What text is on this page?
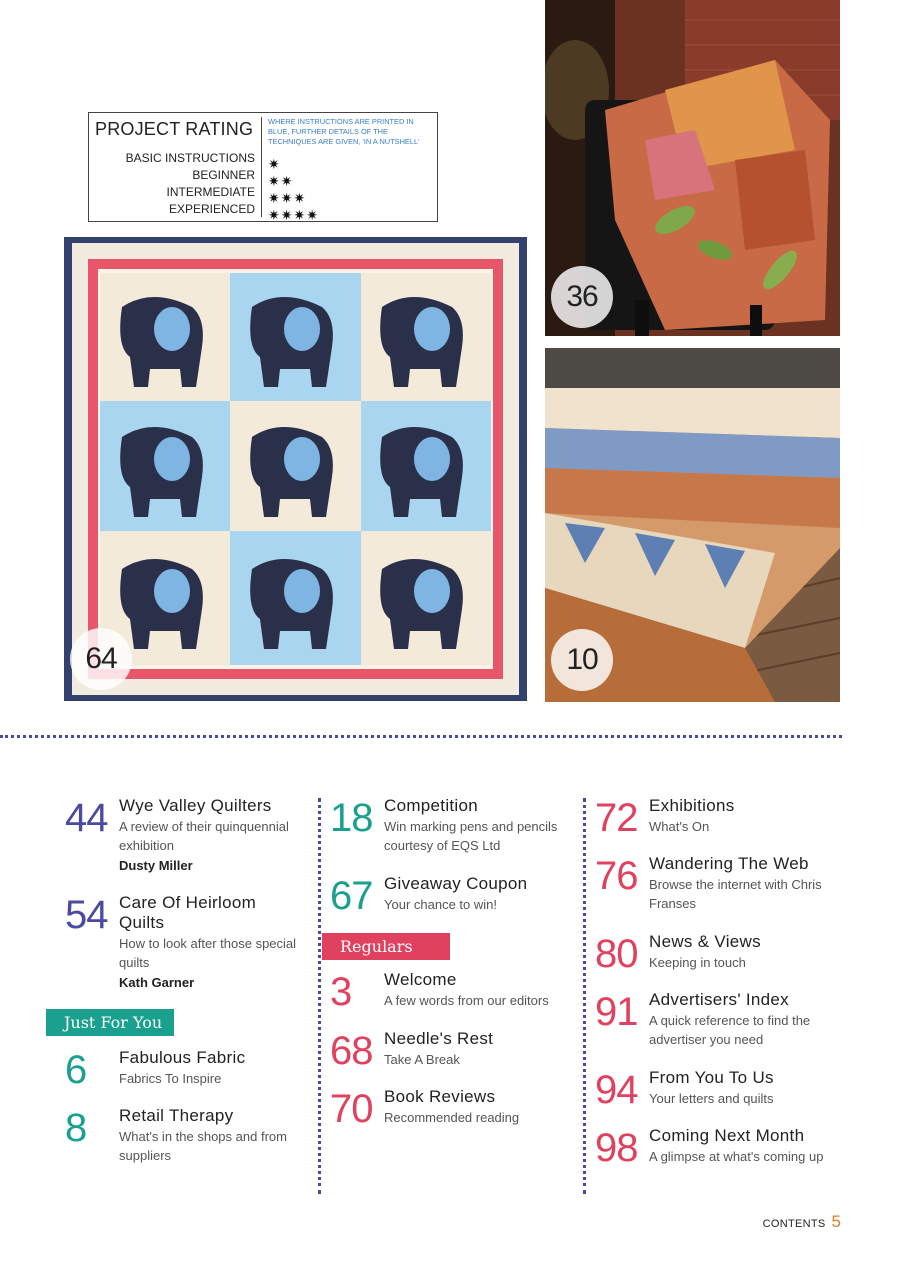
PROJECT RATING
BASIC INSTRUCTIONS
BEGINNER
INTERMEDIATE
EXPERIENCED
WHERE INSTRUCTIONS ARE PRINTED IN BLUE, FURTHER DETAILS OF THE TECHNIQUES ARE GIVEN, 'IN A NUTSHELL'
✷
✷✷
✷✷✷
✷✷✷✷
36
64	10
44 Wye Valley Quilters
A review of their quinquennial exhibition
Dusty Miller
54 Care Of Heirloom Quilts
How to look after those special quilts
Kath Garner
Just For You
6 Fabulous Fabric
Fabrics To Inspire
8 Retail Therapy
What's in the shops and from suppliers
18 Competition
Win marking pens and pencils courtesy of EQS Ltd
67 Giveaway Coupon
Your chance to win!
Regulars
3 Welcome
A few words from our editors
68 Needle's Rest
Take A Break
70 Book Reviews
Recommended reading
72 Exhibitions
What's On
76 Wandering The Web
Browse the internet with Chris Franses
80 News & Views
Keeping in touch
91 Advertisers' Index
A quick reference to find the advertiser you need
94 From You To Us
Your letters and quilts
98 Coming Next Month
A glimpse at what's coming up
CONTENTS 5
